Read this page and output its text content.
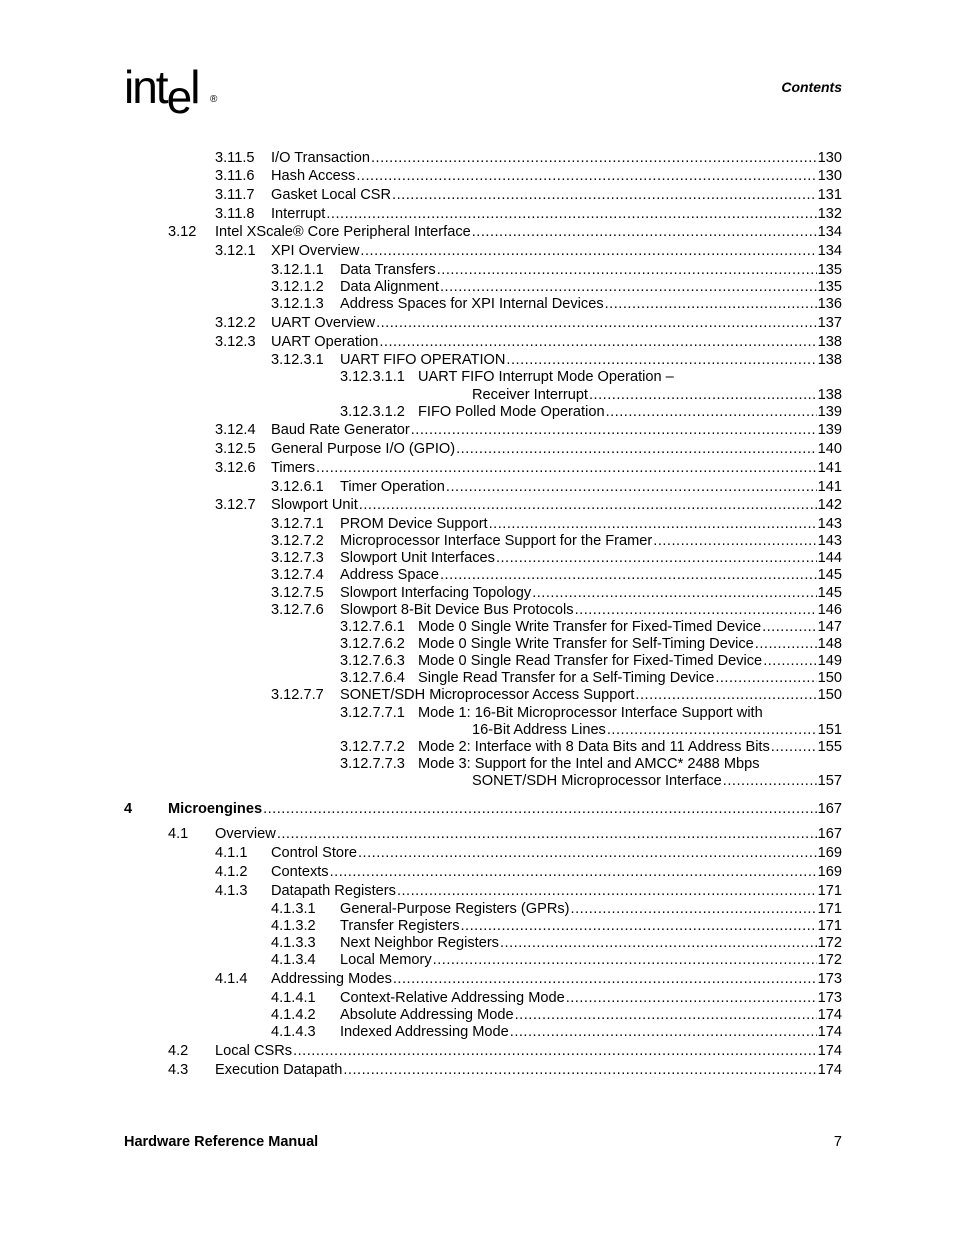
intel ®
Contents
3.11.5 I/O Transaction .....	130
3.11.6 Hash Access .....	130
3.11.7 Gasket Local CSR .....	131
3.11.8 Interrupt .....	132
3.12 Intel XScale® Core Peripheral Interface .....	134
3.12.1 XPI Overview .....	134
3.12.1.1 Data Transfers .....	135
3.12.1.2 Data Alignment .....	135
3.12.1.3 Address Spaces for XPI Internal Devices .....	136
3.12.2 UART Overview .....	137
3.12.3 UART Operation .....	138
3.12.3.1 UART FIFO OPERATION .....	138
3.12.3.1.1 UART FIFO Interrupt Mode Operation –
Receiver Interrupt .....	138
3.12.3.1.2 FIFO Polled Mode Operation .....	139
3.12.4 Baud Rate Generator .....	139
3.12.5 General Purpose I/O (GPIO) .....	140
3.12.6 Timers .....	141
3.12.6.1 Timer Operation .....	141
3.12.7 Slowport Unit .....	142
3.12.7.1 PROM Device Support .....	143
3.12.7.2 Microprocessor Interface Support for the Framer .....	143
3.12.7.3 Slowport Unit Interfaces .....	144
3.12.7.4 Address Space .....	145
3.12.7.5 Slowport Interfacing Topology .....	145
3.12.7.6 Slowport 8-Bit Device Bus Protocols .....	146
3.12.7.6.1 Mode 0 Single Write Transfer for Fixed-Timed Device .....	147
3.12.7.6.2 Mode 0 Single Write Transfer for Self-Timing Device .....	148
3.12.7.6.3 Mode 0 Single Read Transfer for Fixed-Timed Device .....	149
3.12.7.6.4 Single Read Transfer for a Self-Timing Device .....	150
3.12.7.7 SONET/SDH Microprocessor Access Support .....	150
3.12.7.7.1 Mode 1: 16-Bit Microprocessor Interface Support with
16-Bit Address Lines .....	151
3.12.7.7.2 Mode 2: Interface with 8 Data Bits and 11 Address Bits .....	155
3.12.7.7.3 Mode 3: Support for the Intel and AMCC* 2488 Mbps
SONET/SDH Microprocessor Interface .....	157
4 Microengines .....	167
4.1 Overview .....	167
4.1.1 Control Store .....	169
4.1.2 Contexts .....	169
4.1.3 Datapath Registers .....	171
4.1.3.1 General-Purpose Registers (GPRs) .....	171
4.1.3.2 Transfer Registers .....	171
4.1.3.3 Next Neighbor Registers .....	172
4.1.3.4 Local Memory .....	172
4.1.4 Addressing Modes .....	173
4.1.4.1 Context-Relative Addressing Mode .....	173
4.1.4.2 Absolute Addressing Mode .....	174
4.1.4.3 Indexed Addressing Mode .....	174
4.2 Local CSRs .....	174
4.3 Execution Datapath .....	174
Hardware Reference Manual	7
